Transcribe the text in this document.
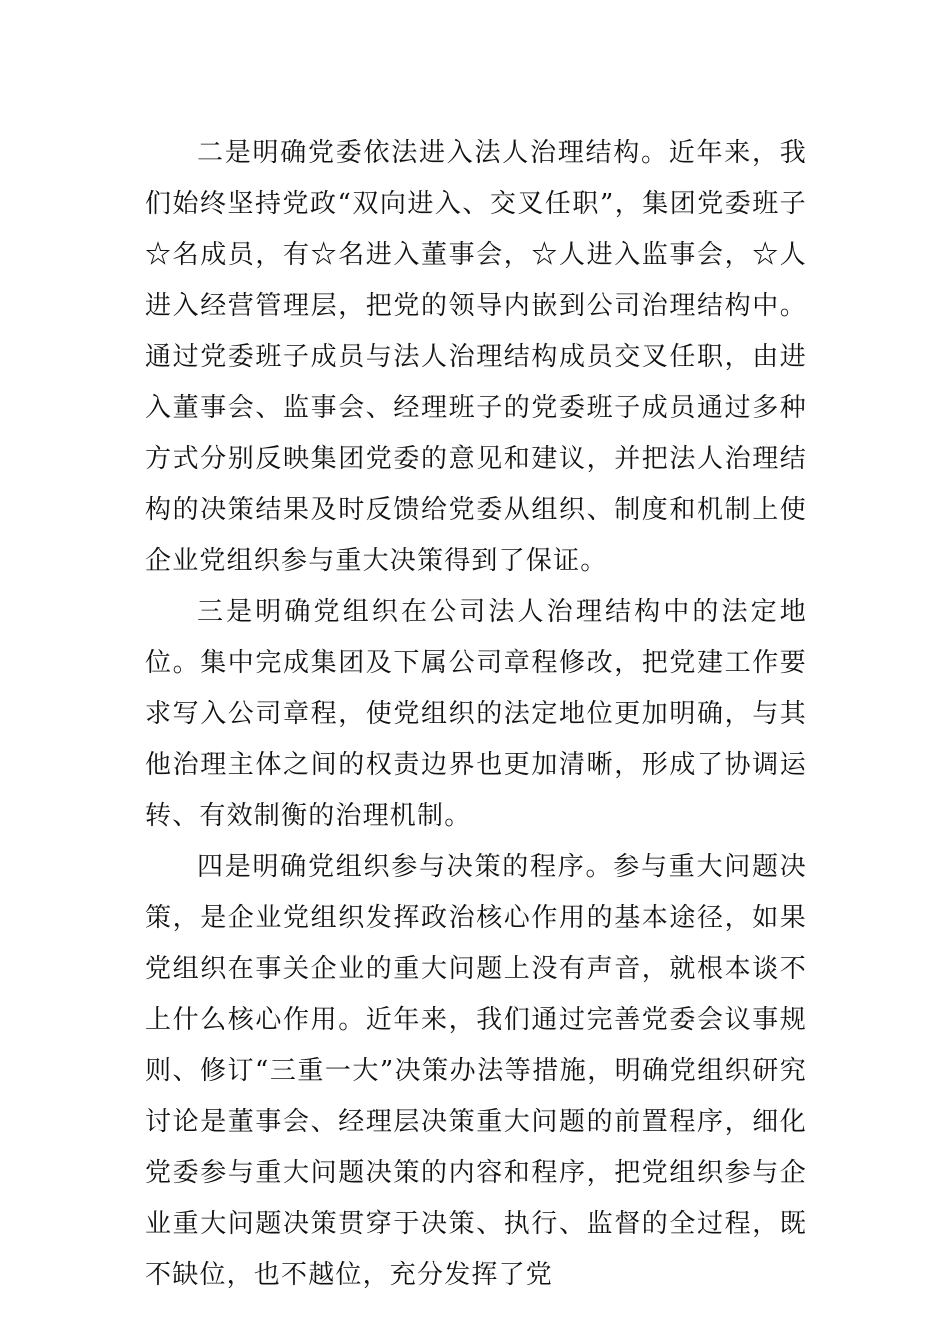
二是明确党委依法进入法人治理结构。近年来，我们始终坚持党政“双向进入、交叉任职”，集团党委班子☆名成员，有☆名进入董事会，☆人进入监事会，☆人进入经营管理层，把党的领导内嵌到公司治理结构中。通过党委班子成员与法人治理结构成员交叉任职，由进入董事会、监事会、经理班子的党委班子成员通过多种方式分别反映集团党委的意见和建议，并把法人治理结构的决策结果及时反馈给党委从组织、制度和机制上使企业党组织参与重大决策得到了保证。

三是明确党组织在公司法人治理结构中的法定地位。集中完成集团及下属公司章程修改，把党建工作要求写入公司章程，使党组织的法定地位更加明确，与其他治理主体之间的权责边界也更加清晰，形成了协调运转、有效制衡的治理机制。

四是明确党组织参与决策的程序。参与重大问题决策，是企业党组织发挥政治核心作用的基本途径，如果党组织在事关企业的重大问题上没有声音，就根本谈不上什么核心作用。近年来，我们通过完善党委会议事规则、修订“三重一大”决策办法等措施，明确党组织研究讨论是董事会、经理层决策重大问题的前置程序，细化党委参与重大问题决策的内容和程序，把党组织参与企业重大问题决策贯穿于决策、执行、监督的全过程，既不缺位，也不越位，充分发挥了党
